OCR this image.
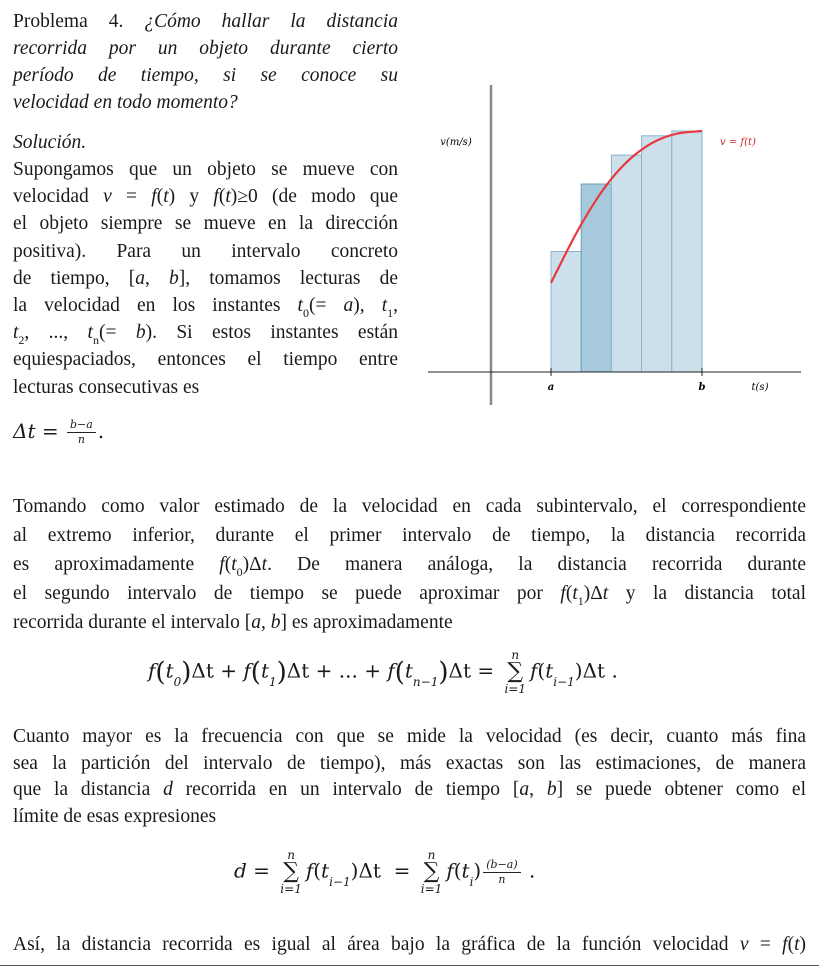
Problema 4. ¿Cómo hallar la distancia
recorrida por un objeto durante cierto
período de tiempo, si se conoce su
velocidad en todo momento?
Solución.
Supongamos que un objeto se mueve con
velocidad v = f(t) y f(t)≥0 (de modo que
el objeto siempre se mueve en la dirección
positiva). Para un intervalo concreto
de tiempo, [a, b], tomamos lecturas de
la velocidad en los instantes $t_0(= a)$, $t_1$,
$t_2$, ..., $t_n(= b)$. Si estos instantes están
equiespaciados, entonces el tiempo entre
lecturas consecutivas es
Tomando como valor estimado de la velocidad en cada subintervalo, el correspondiente
al extremo inferior, durante el primer intervalo de tiempo, la distancia recorrida
es aproximadamente $f(t_0)\Delta t$. De manera análoga, la distancia recorrida durante
el segundo intervalo de tiempo se puede aproximar por $f(t_1)\Delta t$ y la distancia total
recorrida durante el intervalo [a, b] es aproximadamente
Cuanto mayor es la frecuencia con que se mide la velocidad (es decir, cuanto más fina
sea la partición del intervalo de tiempo), más exactas son las estimaciones, de manera
que la distancia d recorrida en un intervalo de tiempo [a, b] se puede obtener como el
límite de esas expresiones
Así, la distancia recorrida es igual al área bajo la gráfica de la función velocidad v = f(t)
$\Delta t = \frac{b-a}{n}$ .
$f(t_0)\Delta t + f(t_1)\Delta t$ + ... + $f(t_{n-1})\Delta t$ =
n
∑
i=1
$f(t_{i-1})\Delta t$ .
d =
n
∑
i=1
$f(t_{i-1})\Delta t$ =
n
∑
i=1
$f(t_i) \frac{(b-a)}{n}$ .
a	b	t(s)
v(m/s)	v = f(t)
